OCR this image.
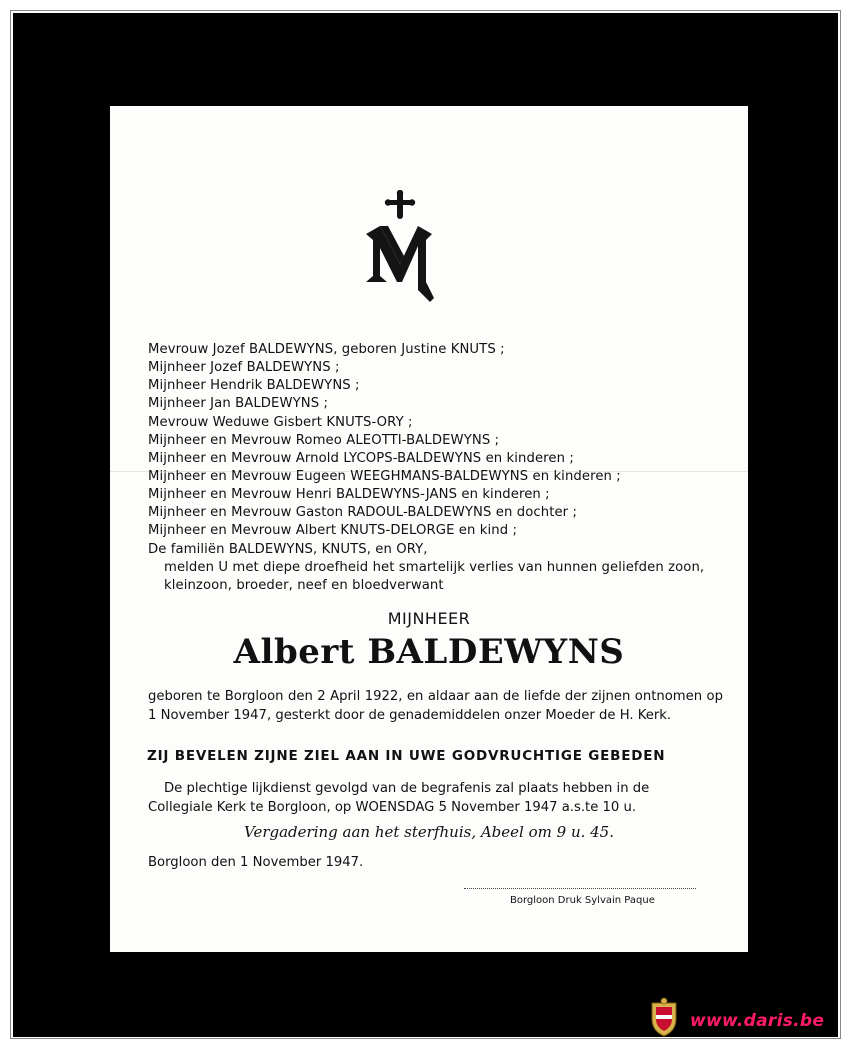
Mevrouw Jozef BALDEWYNS, geboren Justine KNUTS ;
Mijnheer Jozef BALDEWYNS ;
Mijnheer Hendrik BALDEWYNS ;
Mijnheer Jan BALDEWYNS ;
Mevrouw Weduwe Gisbert KNUTS-ORY ;
Mijnheer en Mevrouw Romeo ALEOTTI-BALDEWYNS ;
Mijnheer en Mevrouw Arnold LYCOPS-BALDEWYNS en kinderen ;
Mijnheer en Mevrouw Eugeen WEEGHMANS-BALDEWYNS en kinderen ;
Mijnheer en Mevrouw Henri BALDEWYNS-JANS en kinderen ;
Mijnheer en Mevrouw Gaston RADOUL-BALDEWYNS en dochter ;
Mijnheer en Mevrouw Albert KNUTS-DELORGE en kind ;
De familiën BALDEWYNS, KNUTS, en ORY,
melden U met diepe droefheid het smartelijk verlies van hunnen geliefden zoon,
kleinzoon, broeder, neef en bloedverwant
MIJNHEER
Albert BALDEWYNS
geboren te Borgloon den 2 April 1922, en aldaar aan de liefde der zijnen ontnomen op 1 November 1947, gesterkt door de genademiddelen onzer Moeder de H. Kerk.
ZIJ BEVELEN ZIJNE ZIEL AAN IN UWE GODVRUCHTIGE GEBEDEN
De plechtige lijkdienst gevolgd van de begrafenis zal plaats hebben in de
Collegiale Kerk te Borgloon, op WOENSDAG 5 November 1947 a.s.te 10 u.
Vergadering aan het sterfhuis, Abeel om 9 u. 45.
Borgloon den 1 November 1947.
Borgloon Druk Sylvain Paque
www.daris.be
